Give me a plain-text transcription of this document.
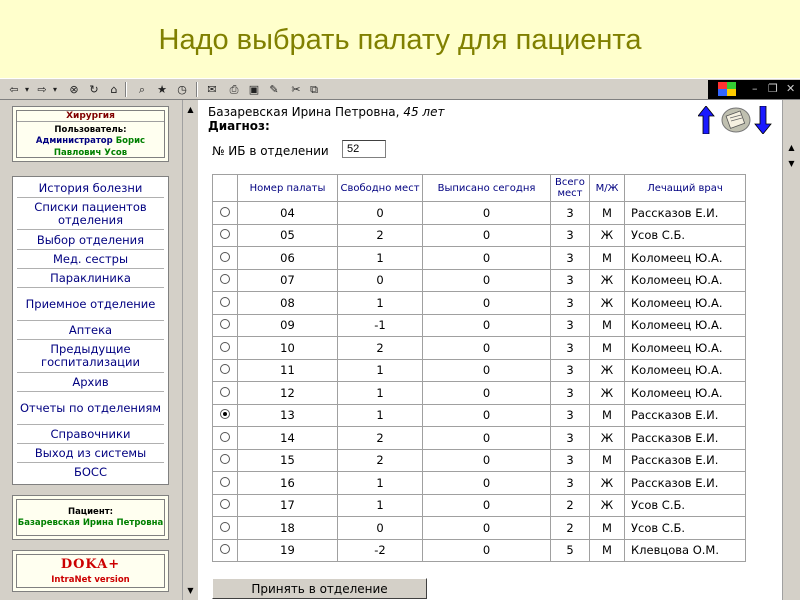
Надо выбрать палату для пациента
⇦ ▾ ⇨ ▾	⊗ ↻	⌂	⌕	★ ◷	✉	⎙ ▣ ✎	✂ ⧉	– ❐ ✕
Хирургия
Пользователь:
Администратор Борис Павлович Усов
История болезни
Списки пациентов отделения
Выбор отделения
Мед. сестры
Параклиника
Приемное отделение
Аптека
Предыдущие госпитализации
Архив
Отчеты по отделениям
Справочники
Выход из системы
БОСС
Пациент:
Базаревская Ирина Петровна
DOKA+
IntraNet version
▲
▼
Базаревская Ирина Петровна, 45 лет
Диагноз:
№ ИБ в отделении
52
	Номер палаты	Свободно мест	Выписано сегодня	Всего мест	М/Ж	Лечащий врач
	04	0	0	3	М	Рассказов Е.И.
	05	2	0	3	Ж	Усов С.Б.
	06	1	0	3	М	Коломеец Ю.А.
	07	0	0	3	Ж	Коломеец Ю.А.
	08	1	0	3	Ж	Коломеец Ю.А.
	09	-1	0	3	М	Коломеец Ю.А.
	10	2	0	3	М	Коломеец Ю.А.
	11	1	0	3	Ж	Коломеец Ю.А.
	12	1	0	3	Ж	Коломеец Ю.А.
	13	1	0	3	М	Рассказов Е.И.
	14	2	0	3	Ж	Рассказов Е.И.
	15	2	0	3	М	Рассказов Е.И.
	16	1	0	3	Ж	Рассказов Е.И.
	17	1	0	2	Ж	Усов С.Б.
	18	0	0	2	М	Усов С.Б.
	19	-2	0	5	М	Клевцова О.М.
Принять в отделение
▲
▼
